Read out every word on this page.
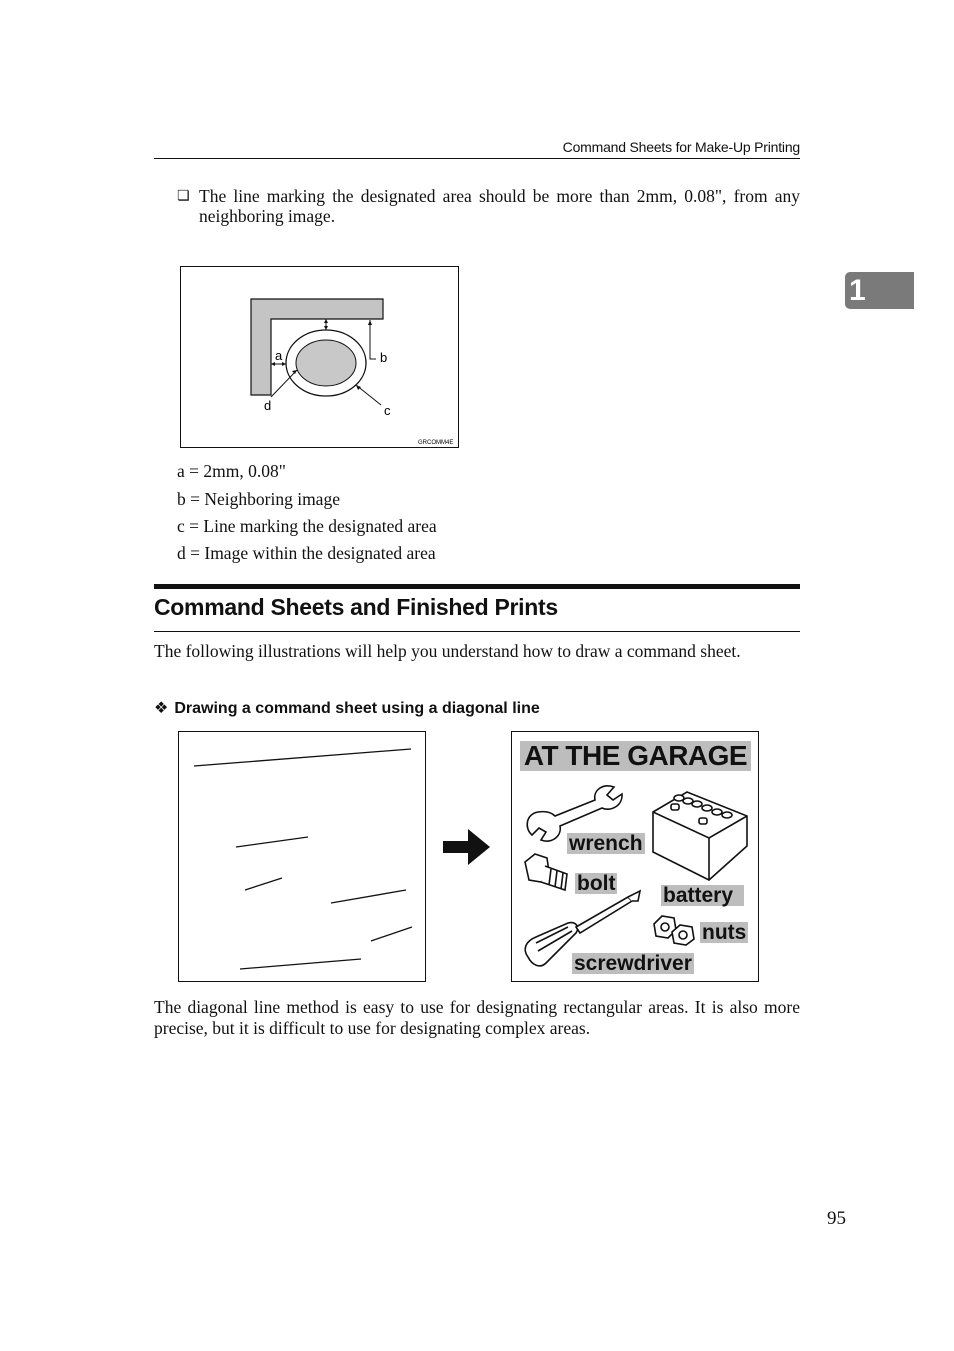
Command Sheets for Make-Up Printing
1
❏ The line marking the designated area should be more than 2mm, 0.08", from any neighboring image.
a	b
c
d
GRCOMM4E
a = 2mm, 0.08"
b = Neighboring image
c = Line marking the designated area
d = Image within the designated area
Command Sheets and Finished Prints
The following illustrations will help you understand how to draw a command sheet.
❖ Drawing a command sheet using a diagonal line
AT THE GARAGE
wrench
bolt
battery
nuts
screwdriver
The diagonal line method is easy to use for designating rectangular areas. It is also more precise, but it is difficult to use for designating complex areas.
95
